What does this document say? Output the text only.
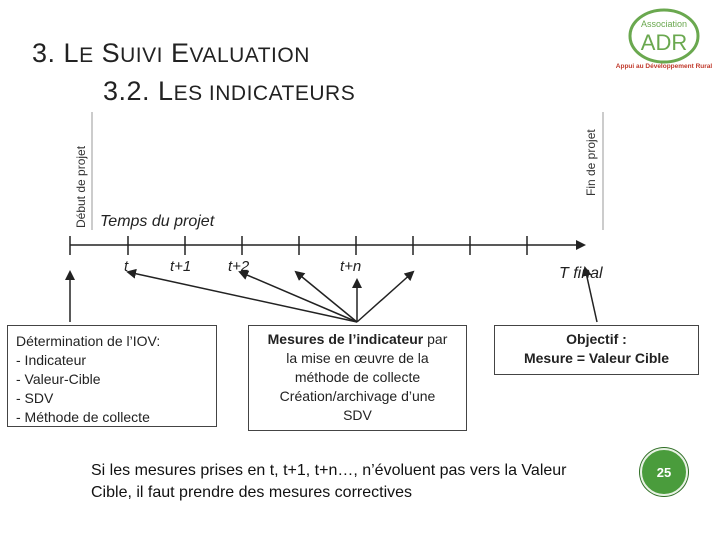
3. LE SUIVI EVALUATION
3.2. LES INDICATEURS
Association
ADR
Appui au Développement Rural
Début de projet	Fin de projet
Temps du projet
t	t+1 t+2	t+n	T final
Détermination de l’IOV:
- Indicateur
- Valeur-Cible
- SDV
- Méthode de collecte
Mesures de l’indicateur par
la mise en œuvre de la
méthode de collecte
Création/archivage d’une
SDV
Objectif :
Mesure = Valeur Cible
Si les mesures prises en t, t+1, t+n…, n’évoluent pas vers la Valeur Cible, il faut prendre des mesures correctives
25
